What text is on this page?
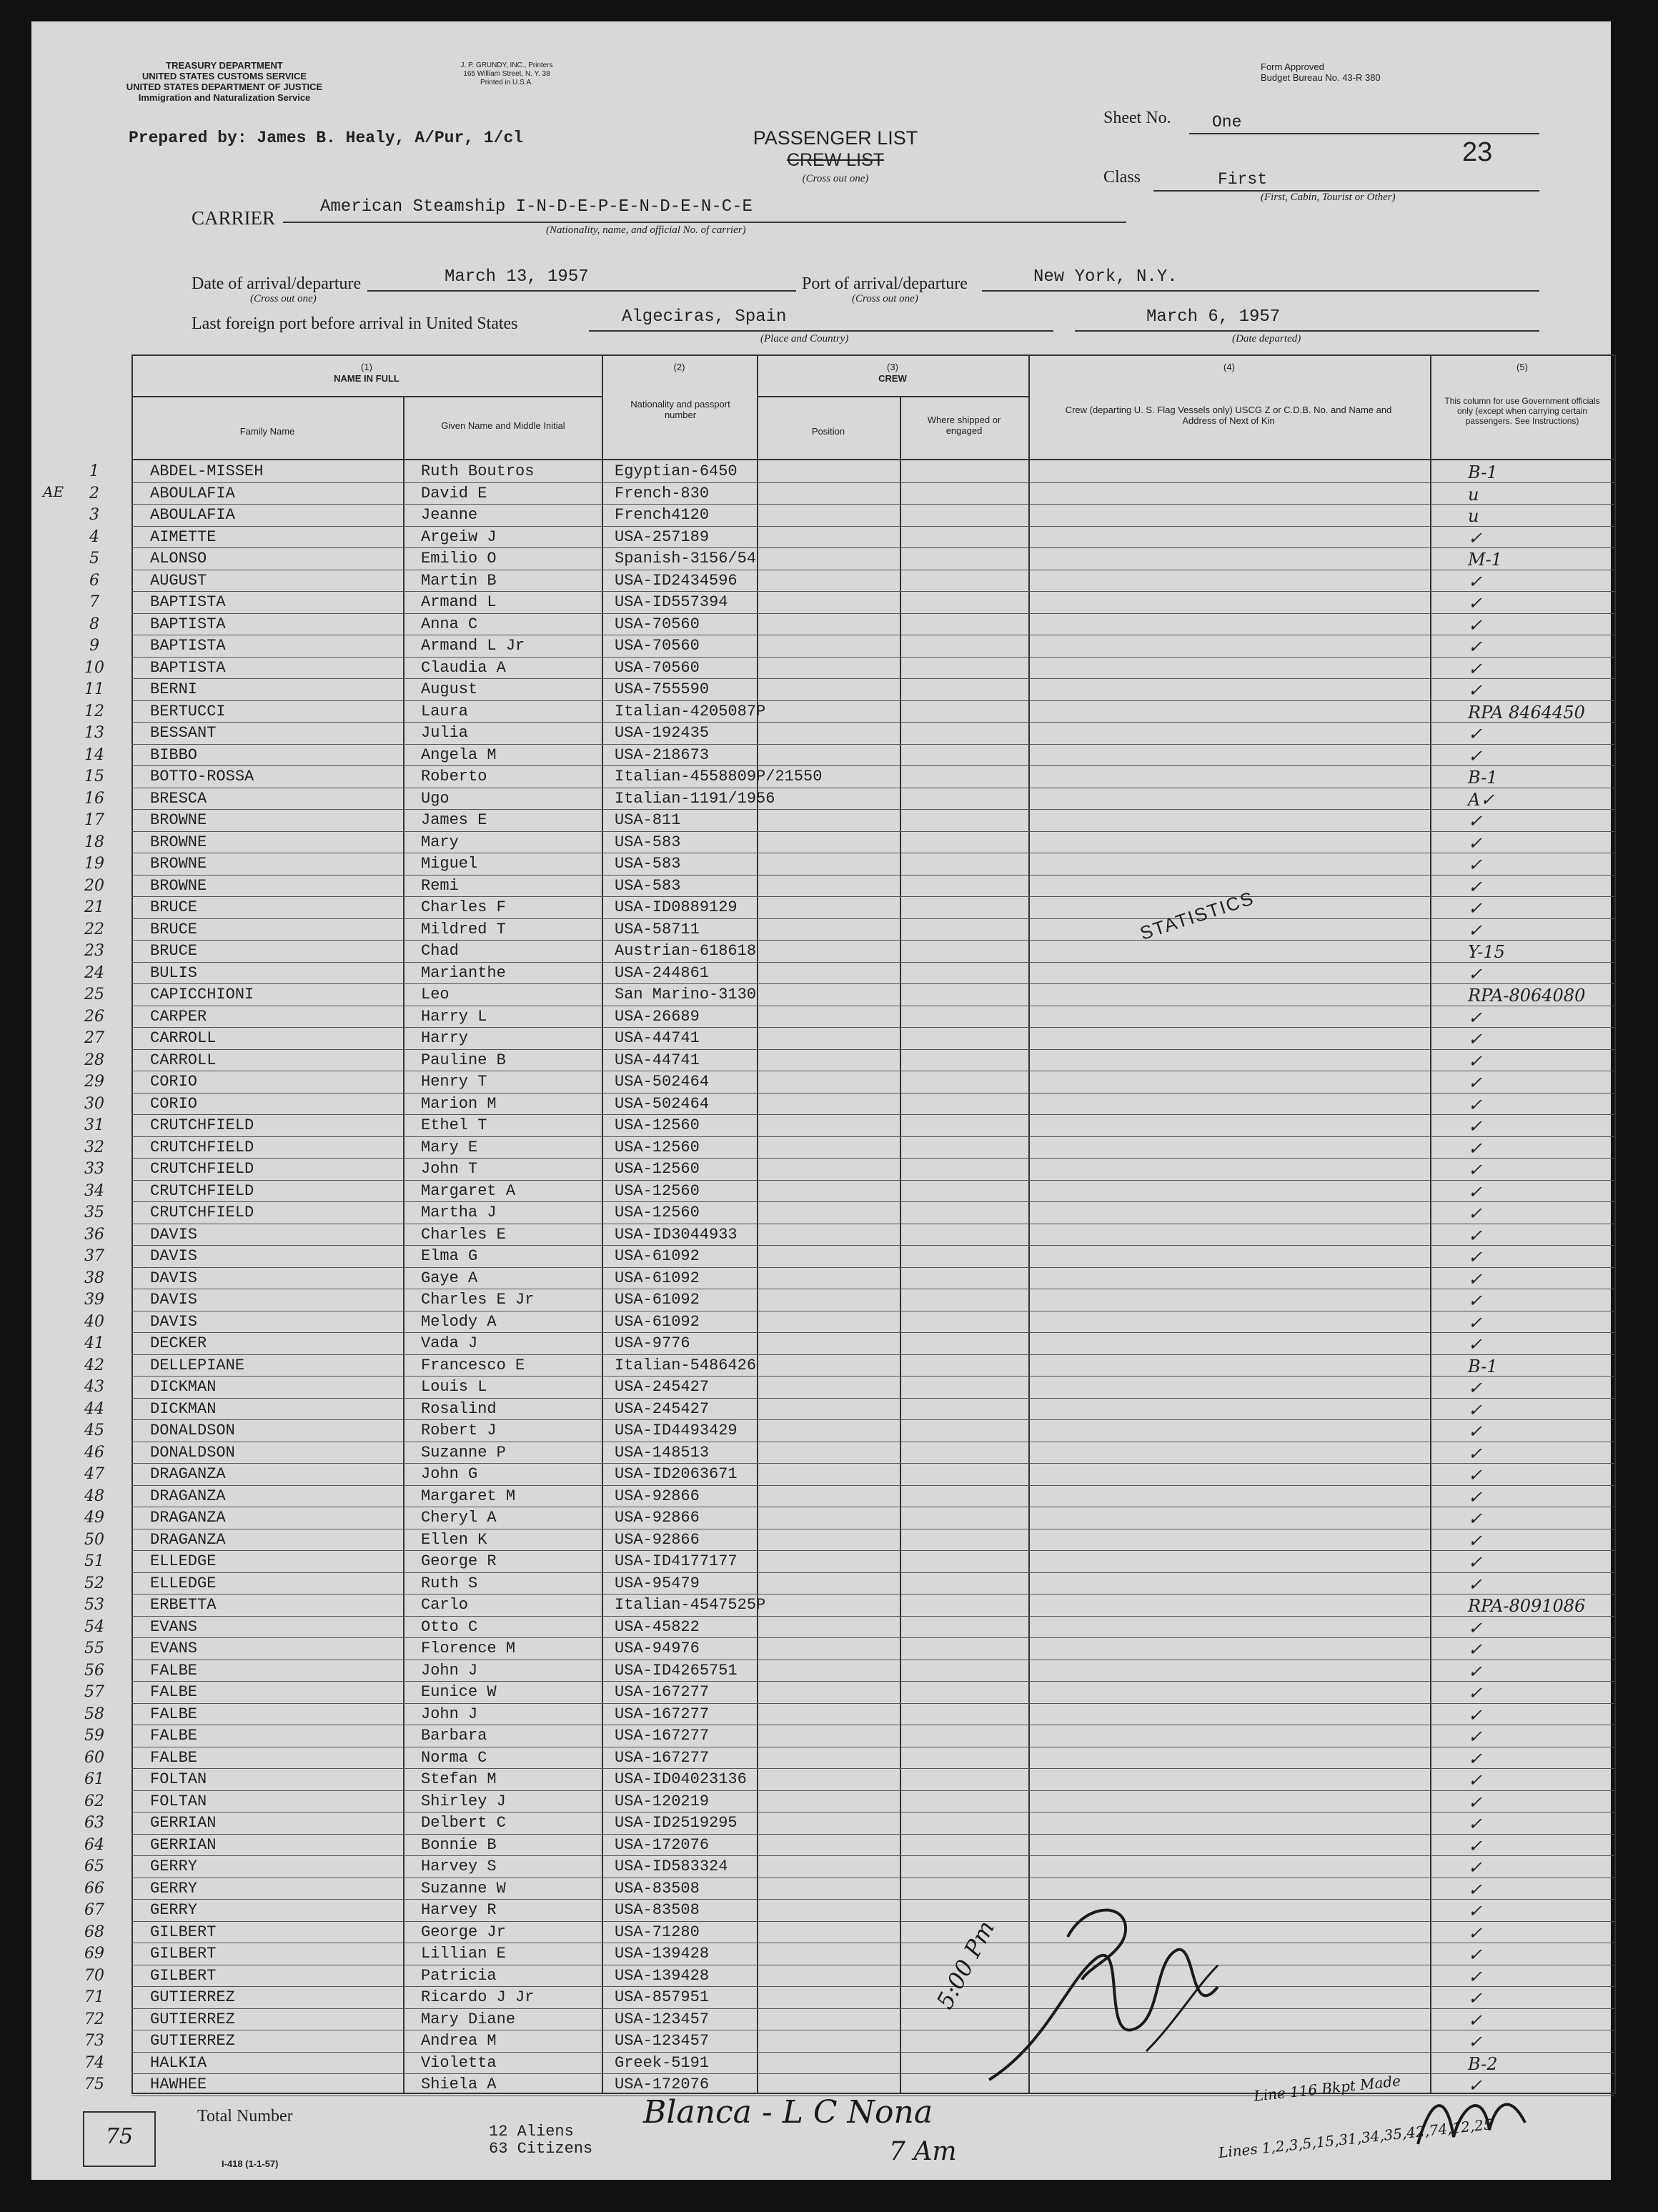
TREASURY DEPARTMENT
UNITED STATES CUSTOMS SERVICE
UNITED STATES DEPARTMENT OF JUSTICE
Immigration and Naturalization Service
J. P. GRUNDY, INC., Printers
165 William Street, N. Y. 38
Printed in U.S.A.
Form Approved
Budget Bureau No. 43-R 380
Prepared by: James B. Healy, A/Pur, 1/cl	PASSENGER LIST
CREW LIST
(Cross out one)
Sheet No. One
23
Class	First
(First, Cabin, Tourist or Other)
CARRIER
American Steamship I-N-D-E-P-E-N-D-E-N-C-E
(Nationality, name, and official No. of carrier)
Date of arrival/departure	March 13, 1957	Port of arrival/departure	New York, N.Y.
(Cross out one)	(Cross out one)
Last foreign port before arrival in United States	Algeciras, Spain
(Place and Country)
March 6, 1957
(Date departed)
(1)
NAME IN FULL
Family Name
Given Name and Middle Initial
(2)
Nationality and passport number
(3)
CREW
Position
Where shipped or engaged
(4)
Crew (departing U. S. Flag Vessels only) USCG Z or C.D.B. No. and Name and Address of Next of Kin
(5)
This column for use Government officials only (except when carrying certain passengers. See Instructions)
1	ABDEL-MISSEH	Ruth Boutros	Egyptian-6450	B-1
2	ABOULAFIA	David E	French-830	u
3	ABOULAFIA	Jeanne	French4120	u
4	AIMETTE	Argeiw J	USA-257189	✓
5	ALONSO	Emilio O	Spanish-3156/54	M-1
6	AUGUST	Martin B	USA-ID2434596	✓
7	BAPTISTA	Armand L	USA-ID557394	✓
8	BAPTISTA	Anna C	USA-70560	✓
9	BAPTISTA	Armand L Jr	USA-70560	✓
10	BAPTISTA	Claudia A	USA-70560	✓
11	BERNI	August	USA-755590	✓
12	BERTUCCI	Laura	Italian-4205087P	RPA 8464450
13	BESSANT	Julia	USA-192435	✓
14	BIBBO	Angela M	USA-218673	✓
15	BOTTO-ROSSA	Roberto	Italian-4558809P/21550	B-1
16	BRESCA	Ugo	Italian-1191/1956	A✓
17	BROWNE	James E	USA-811	✓
18	BROWNE	Mary	USA-583	✓
19	BROWNE	Miguel	USA-583	✓
20	BROWNE	Remi	USA-583	✓
21	BRUCE	Charles F	USA-ID0889129	✓
22	BRUCE	Mildred T	USA-58711	✓
23	BRUCE	Chad	Austrian-618618	Y-15
24	BULIS	Marianthe	USA-244861	✓
25	CAPICCHIONI	Leo	San Marino-3130	RPA-8064080
26	CARPER	Harry L	USA-26689	✓
27	CARROLL	Harry	USA-44741	✓
28	CARROLL	Pauline B	USA-44741	✓
29	CORIO	Henry T	USA-502464	✓
30	CORIO	Marion M	USA-502464	✓
31	CRUTCHFIELD	Ethel T	USA-12560	✓
32	CRUTCHFIELD	Mary E	USA-12560	✓
33	CRUTCHFIELD	John T	USA-12560	✓
34	CRUTCHFIELD	Margaret A	USA-12560	✓
35	CRUTCHFIELD	Martha J	USA-12560	✓
36	DAVIS	Charles E	USA-ID3044933	✓
37	DAVIS	Elma G	USA-61092	✓
38	DAVIS	Gaye A	USA-61092	✓
39	DAVIS	Charles E Jr	USA-61092	✓
40	DAVIS	Melody A	USA-61092	✓
41	DECKER	Vada J	USA-9776	✓
42	DELLEPIANE	Francesco E	Italian-5486426	B-1
43	DICKMAN	Louis L	USA-245427	✓
44	DICKMAN	Rosalind	USA-245427	✓
45	DONALDSON	Robert J	USA-ID4493429	✓
46	DONALDSON	Suzanne P	USA-148513	✓
47	DRAGANZA	John G	USA-ID2063671	✓
48	DRAGANZA	Margaret M	USA-92866	✓
49	DRAGANZA	Cheryl A	USA-92866	✓
50	DRAGANZA	Ellen K	USA-92866	✓
51	ELLEDGE	George R	USA-ID4177177	✓
52	ELLEDGE	Ruth S	USA-95479	✓
53	ERBETTA	Carlo	Italian-4547525P	RPA-8091086
54	EVANS	Otto C	USA-45822	✓
55	EVANS	Florence M	USA-94976	✓
56	FALBE	John J	USA-ID4265751	✓
57	FALBE	Eunice W	USA-167277	✓
58	FALBE	John J	USA-167277	✓
59	FALBE	Barbara	USA-167277	✓
60	FALBE	Norma C	USA-167277	✓
61	FOLTAN	Stefan M	USA-ID04023136	✓
62	FOLTAN	Shirley J	USA-120219	✓
63	GERRIAN	Delbert C	USA-ID2519295	✓
64	GERRIAN	Bonnie B	USA-172076	✓
65	GERRY	Harvey S	USA-ID583324	✓
66	GERRY	Suzanne W	USA-83508	✓
67	GERRY	Harvey R	USA-83508	✓
68	GILBERT	George Jr	USA-71280	✓
69	GILBERT	Lillian E	USA-139428	✓
70	GILBERT	Patricia	USA-139428	✓
71	GUTIERREZ	Ricardo J Jr	USA-857951	✓
72	GUTIERREZ	Mary Diane	USA-123457	✓
73	GUTIERREZ	Andrea M	USA-123457	✓
74	HALKIA	Violetta	Greek-5191	B-2
75	HAWHEE	Shiela A	USA-172076	✓
STATISTICS
AE
75
Total Number
I-418 (1-1-57)
12 Aliens
63 Citizens
Blanca - L C Nona
7 Am
Line 116 Bkpt Made
Lines 1,2,3,5,15,31,34,35,42,74,12,25
5:00 Pm
